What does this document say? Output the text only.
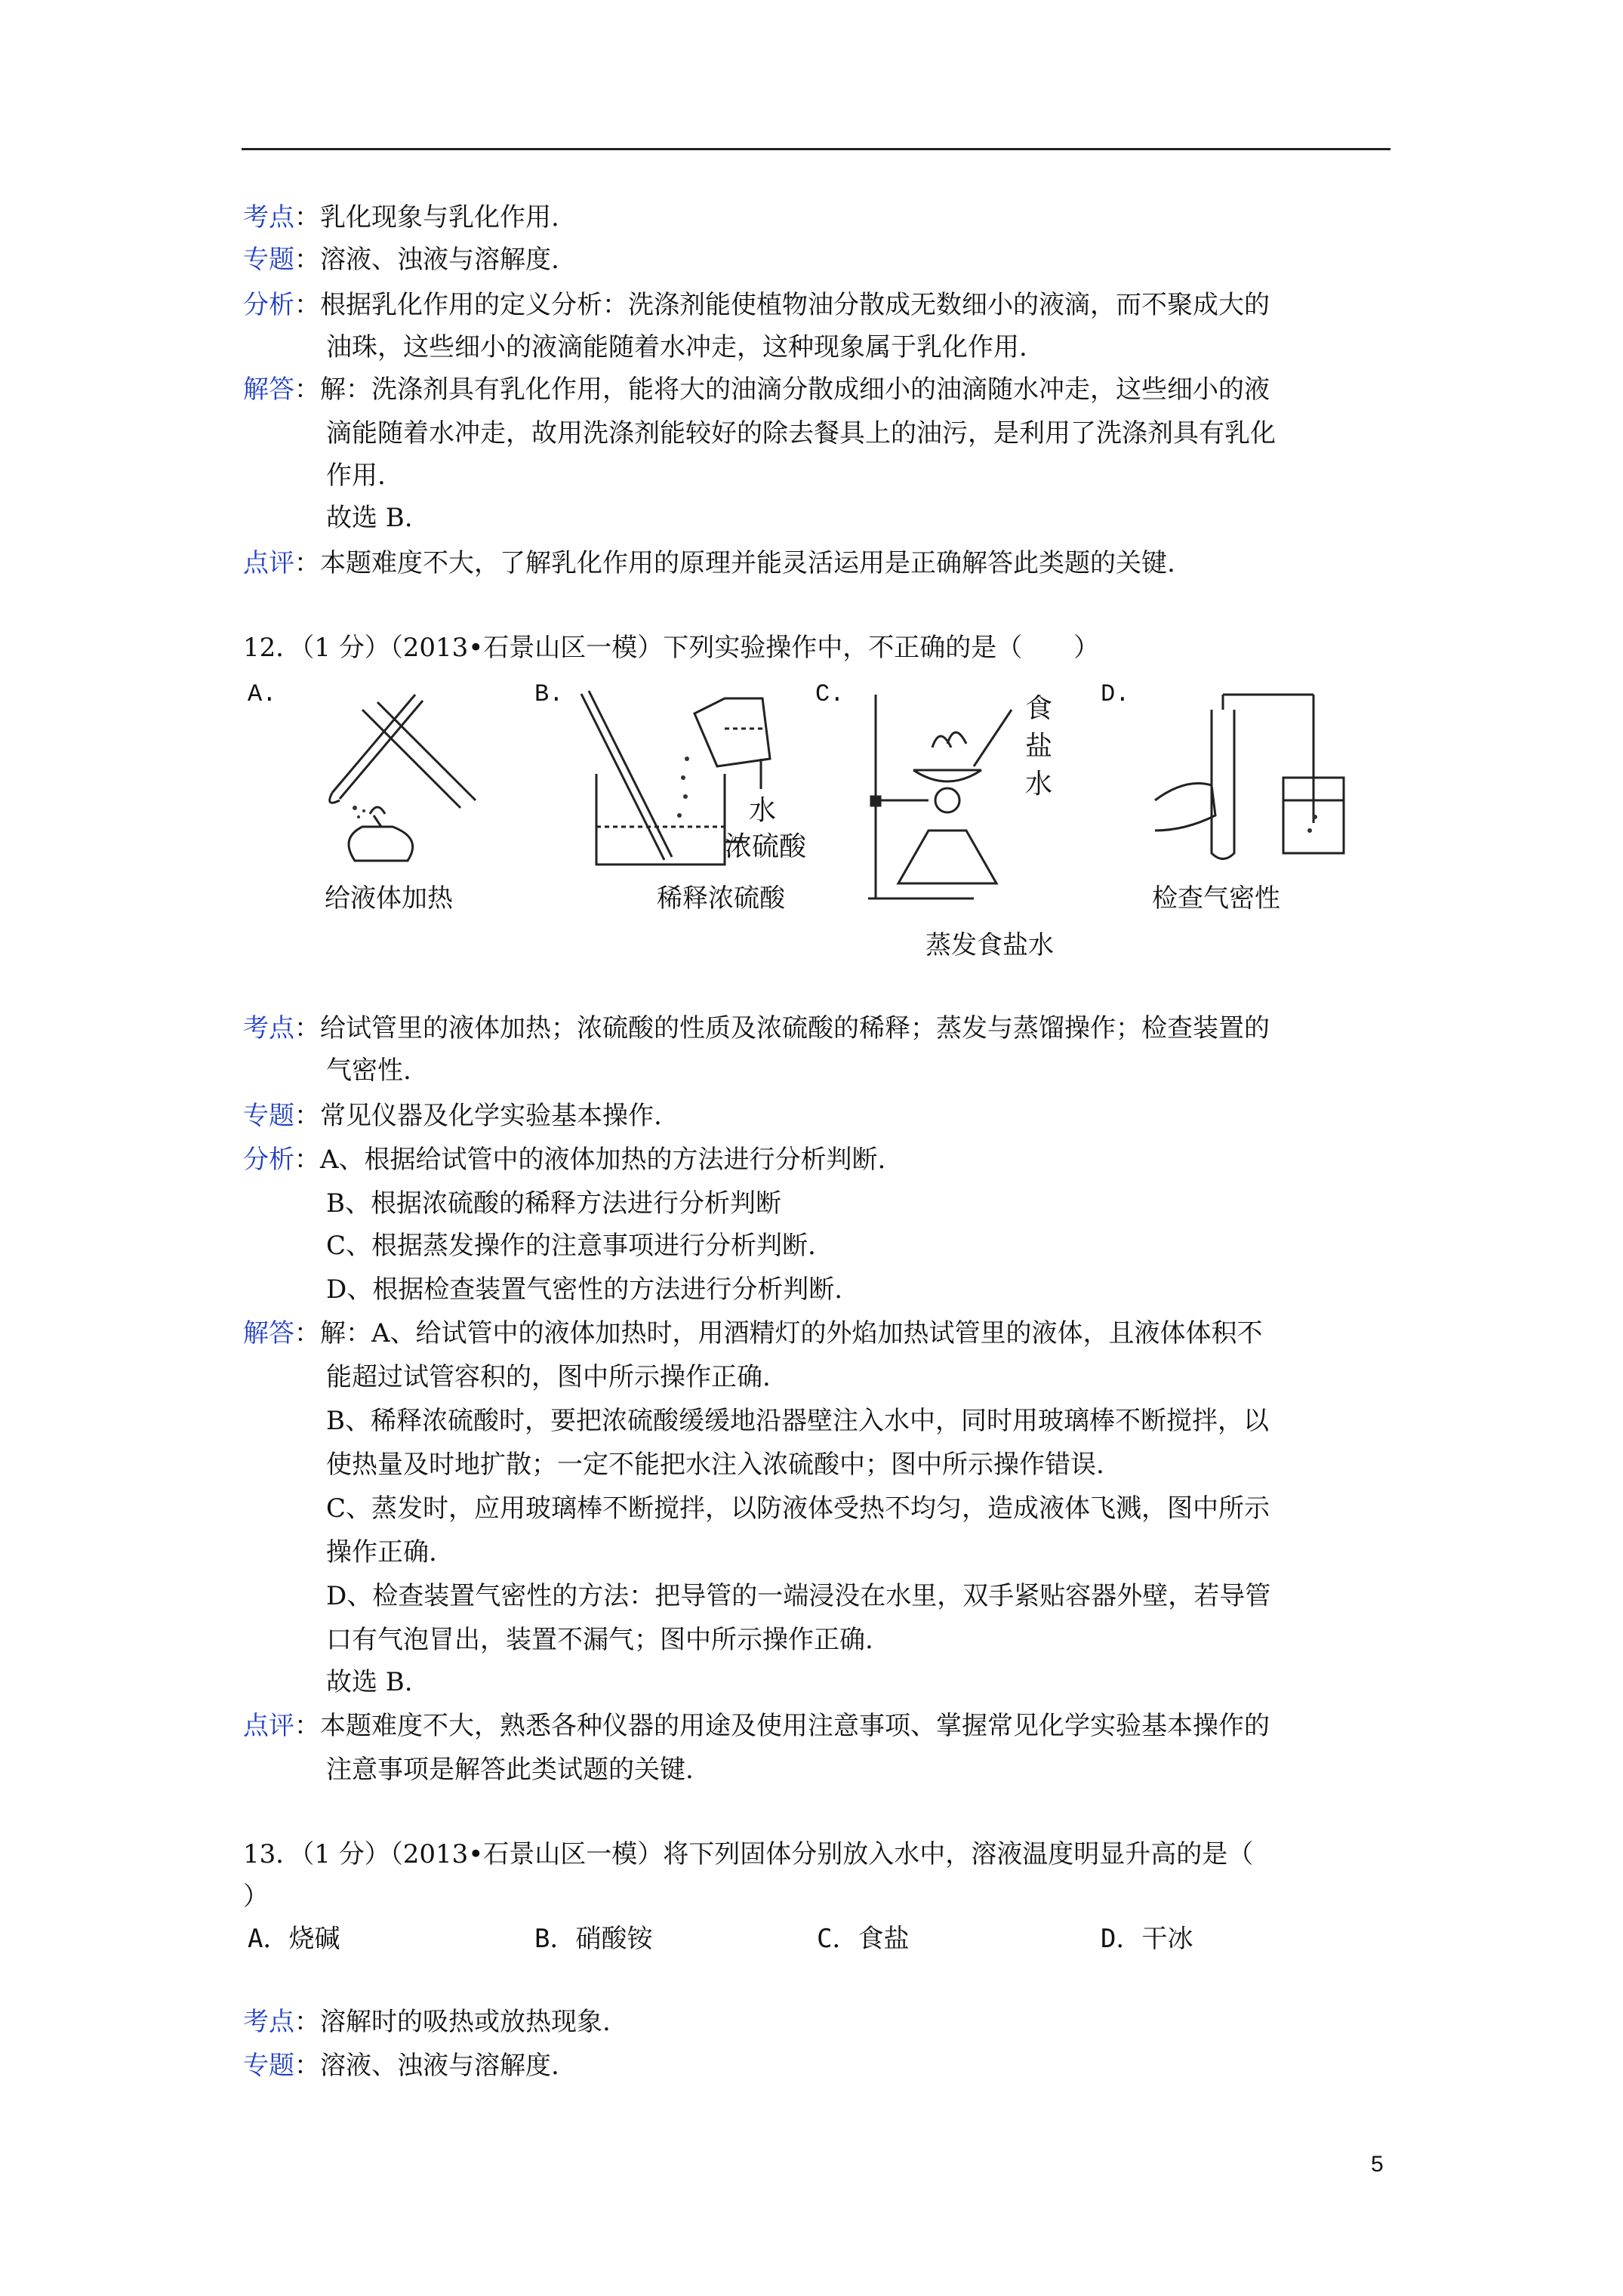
考点：乳化现象与乳化作用.
专题：溶液、浊液与溶解度.
分析：根据乳化作用的定义分析：洗涤剂能使植物油分散成无数细小的液滴，而不聚成大的
油珠，这些细小的液滴能随着水冲走，这种现象属于乳化作用.
解答：解：洗涤剂具有乳化作用，能将大的油滴分散成细小的油滴随水冲走，这些细小的液
滴能随着水冲走，故用洗涤剂能较好的除去餐具上的油污，是利用了洗涤剂具有乳化
作用.
故选 B.
点评：本题难度不大，了解乳化作用的原理并能灵活运用是正确解答此类题的关键.
12．（1 分）（2013•石景山区一模）下列实验操作中，不正确的是（　　）
A.	B.	C.	D.
给液体加热
水
浓硫酸
稀释浓硫酸
食
盐
水
蒸发食盐水
检查气密性
考点：给试管里的液体加热；浓硫酸的性质及浓硫酸的稀释；蒸发与蒸馏操作；检查装置的
气密性.
专题：常见仪器及化学实验基本操作.
分析：A、根据给试管中的液体加热的方法进行分析判断.
B、根据浓硫酸的稀释方法进行分析判断
C、根据蒸发操作的注意事项进行分析判断.
D、根据检查装置气密性的方法进行分析判断.
解答：解：A、给试管中的液体加热时，用酒精灯的外焰加热试管里的液体，且液体体积不
能超过试管容积的，图中所示操作正确.
B、稀释浓硫酸时，要把浓硫酸缓缓地沿器壁注入水中，同时用玻璃棒不断搅拌，以
使热量及时地扩散；一定不能把水注入浓硫酸中；图中所示操作错误.
C、蒸发时，应用玻璃棒不断搅拌，以防液体受热不均匀，造成液体飞溅，图中所示
操作正确.
D、检查装置气密性的方法：把导管的一端浸没在水里，双手紧贴容器外壁，若导管
口有气泡冒出，装置不漏气；图中所示操作正确.
故选 B.
点评：本题难度不大，熟悉各种仪器的用途及使用注意事项、掌握常见化学实验基本操作的
注意事项是解答此类试题的关键.
13．（1 分）（2013•石景山区一模）将下列固体分别放入水中，溶液温度明显升高的是（
）
A．烧碱	B．硝酸铵	C．食盐	D．干冰
考点：溶解时的吸热或放热现象.
专题：溶液、浊液与溶解度.
5
